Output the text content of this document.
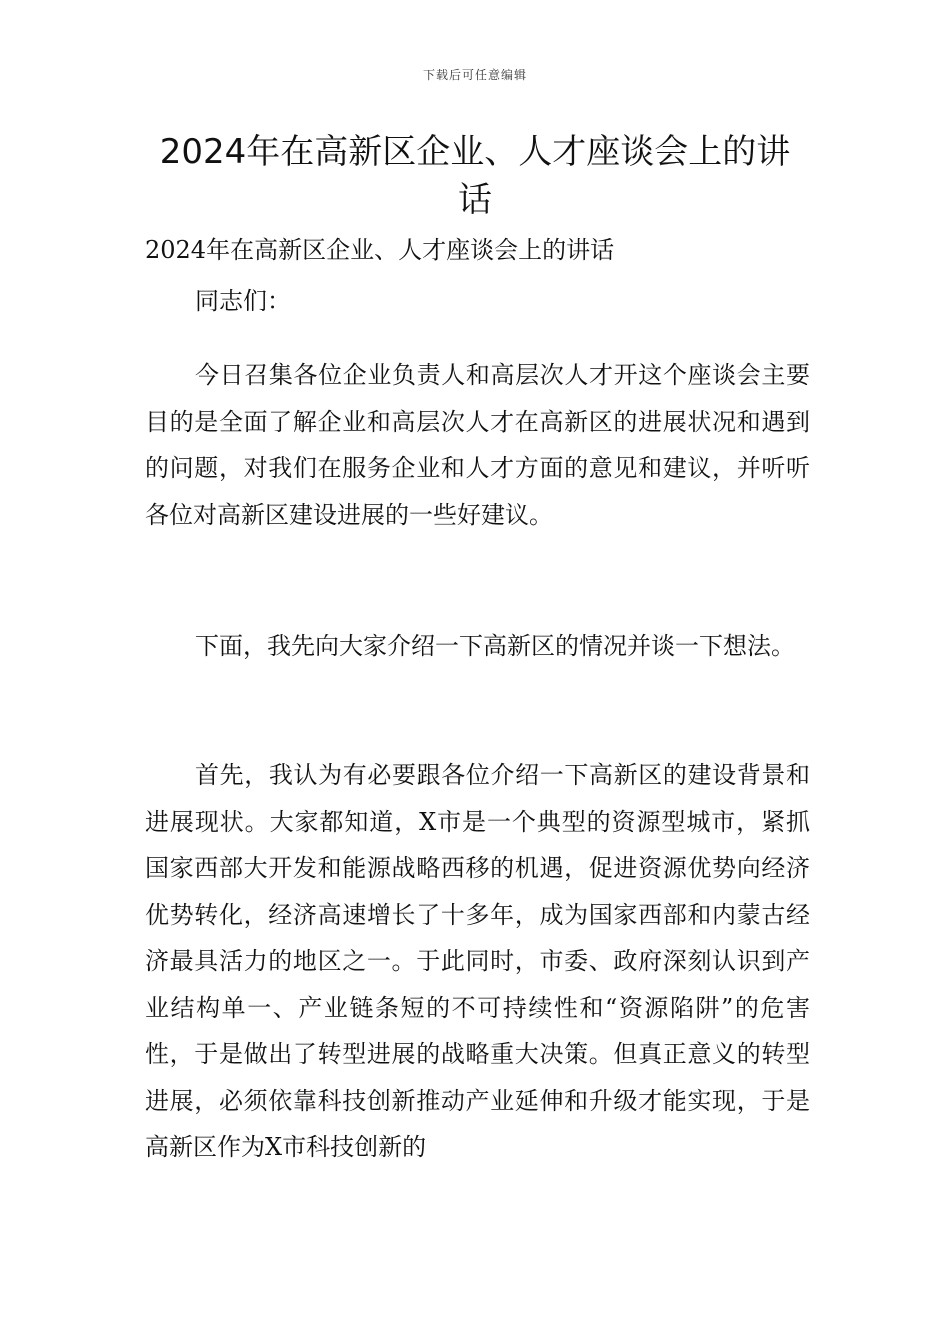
下载后可任意编辑
2024年在高新区企业、人才座谈会上的讲话

2024年在高新区企业、人才座谈会上的讲话

同志们：

今日召集各位企业负责人和高层次人才开这个座谈会主要目的是全面了解企业和高层次人才在高新区的进展状况和遇到的问题，对我们在服务企业和人才方面的意见和建议，并听听各位对高新区建设进展的一些好建议。

下面，我先向大家介绍一下高新区的情况并谈一下想法。

首先，我认为有必要跟各位介绍一下高新区的建设背景和进展现状。大家都知道，X市是一个典型的资源型城市，紧抓国家西部大开发和能源战略西移的机遇，促进资源优势向经济优势转化，经济高速增长了十多年，成为国家西部和内蒙古经济最具活力的地区之一。于此同时，市委、政府深刻认识到产业结构单一、产业链条短的不可持续性和“资源陷阱”的危害性，于是做出了转型进展的战略重大决策。但真正意义的转型进展，必须依靠科技创新推动产业延伸和升级才能实现，于是高新区作为X市科技创新的
